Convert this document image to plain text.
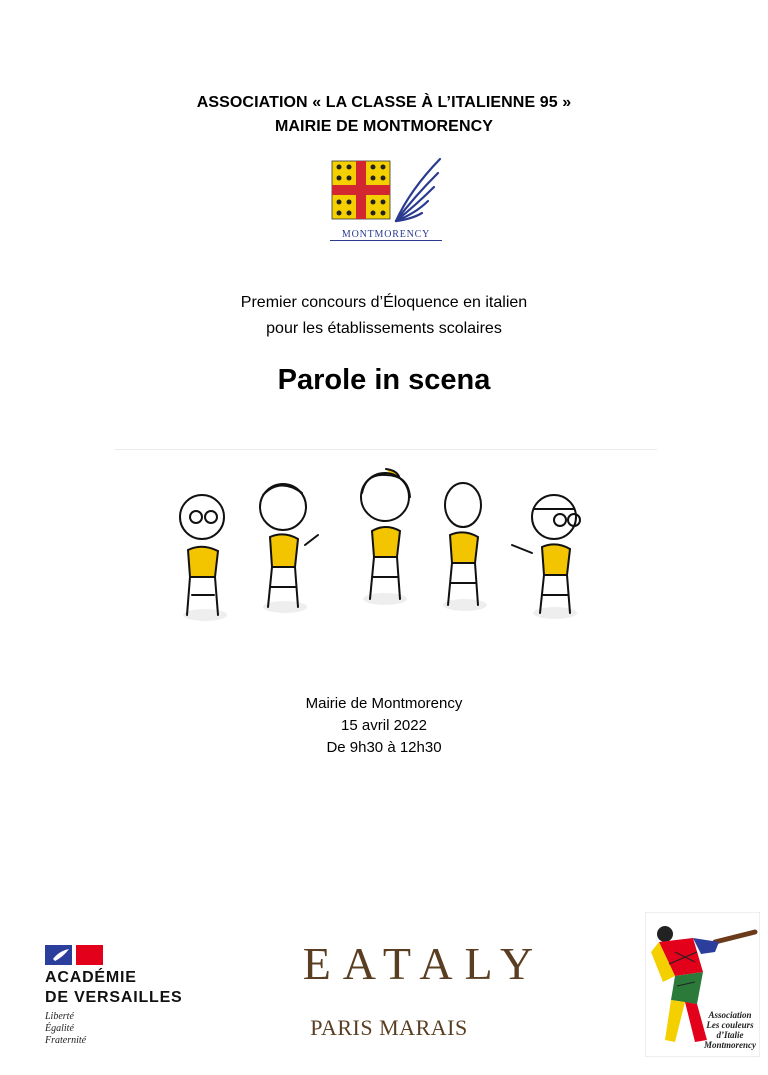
ASSOCIATION « LA CLASSE À L’ITALIENNE 95 »
MAIRIE DE MONTMORENCY
MONTMORENCY
Premier concours d’Éloquence en italien
pour les établissements scolaires
Parole in scena
Mairie de Montmorency
15 avril 2022
De 9h30 à 12h30
ACADÉMIE
DE VERSAILLES
Liberté
Égalité
Fraternité
EATALY
PARIS MARAIS	Association
Les couleurs
d’Italie
Montmorency
